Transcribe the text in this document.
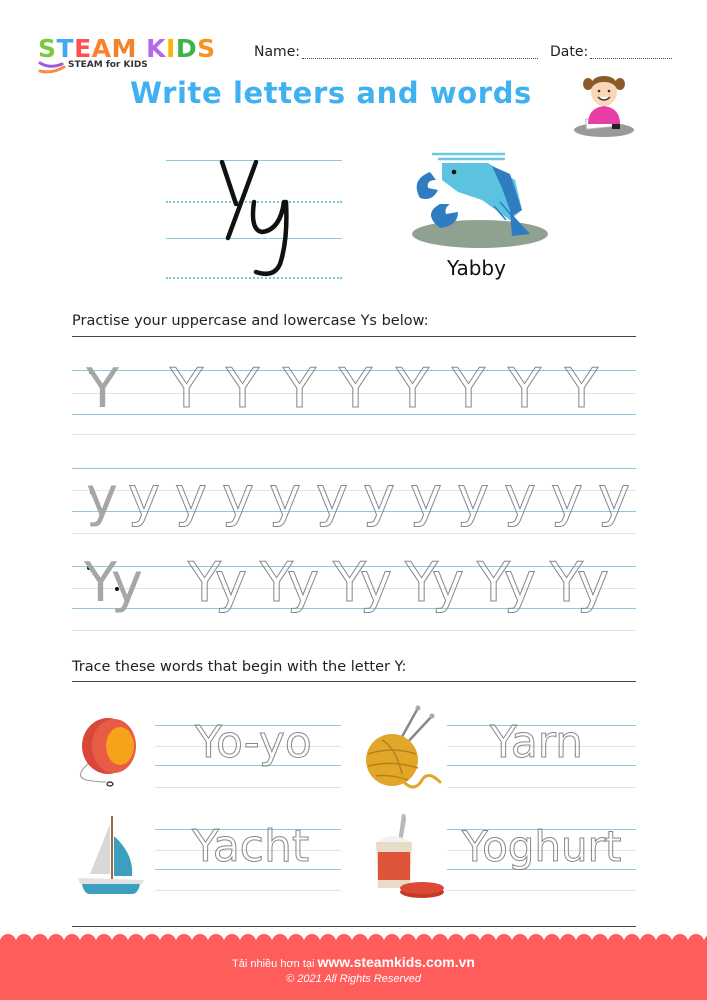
STEAM KIDS
STEAM for KIDS
Name:	Date:
Write letters and words
Yabby
Practise your uppercase and lowercase Ys below:
Y Y Y Y Y Y Y Y Y
y y y y y y y y y y y y
Yy Yy Yy Yy Yy Yy Yy
Trace these words that begin with the letter Y:
Yo-yo	Yarn
Yacht	Yoghurt
Tải nhiều hơn tại www.steamkids.com.vn
© 2021 All Rights Reserved
